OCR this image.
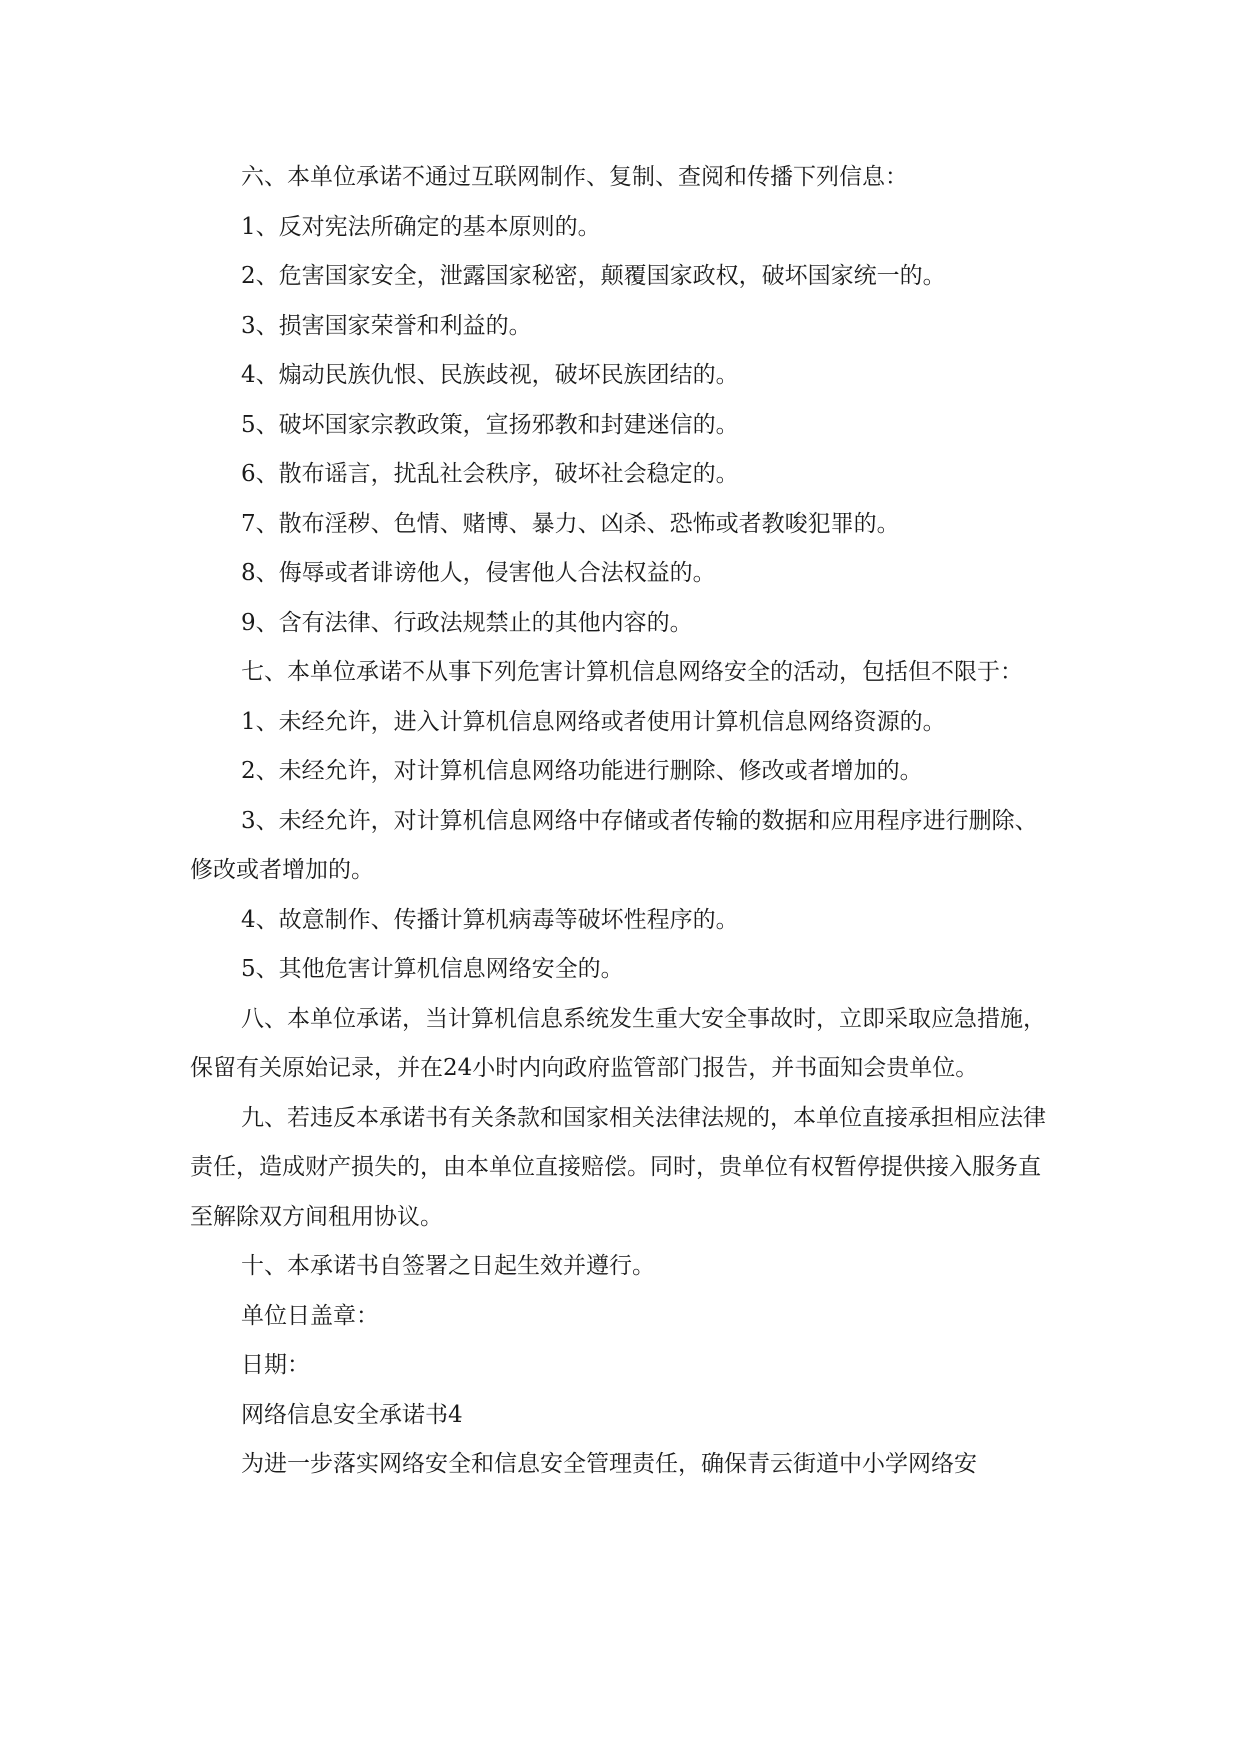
六、本单位承诺不通过互联网制作、复制、查阅和传播下列信息：

1、反对宪法所确定的基本原则的。

2、危害国家安全，泄露国家秘密，颠覆国家政权，破坏国家统一的。

3、损害国家荣誉和利益的。

4、煽动民族仇恨、民族歧视，破坏民族团结的。

5、破坏国家宗教政策，宣扬邪教和封建迷信的。

6、散布谣言，扰乱社会秩序，破坏社会稳定的。

7、散布淫秽、色情、赌博、暴力、凶杀、恐怖或者教唆犯罪的。

8、侮辱或者诽谤他人，侵害他人合法权益的。

9、含有法律、行政法规禁止的其他内容的。

七、本单位承诺不从事下列危害计算机信息网络安全的活动，包括但不限于：

1、未经允许，进入计算机信息网络或者使用计算机信息网络资源的。

2、未经允许，对计算机信息网络功能进行删除、修改或者增加的。

3、未经允许，对计算机信息网络中存储或者传输的数据和应用程序进行删除、修改或者增加的。

4、故意制作、传播计算机病毒等破坏性程序的。

5、其他危害计算机信息网络安全的。

八、本单位承诺，当计算机信息系统发生重大安全事故时，立即采取应急措施，保留有关原始记录，并在24小时内向政府监管部门报告，并书面知会贵单位。

九、若违反本承诺书有关条款和国家相关法律法规的，本单位直接承担相应法律责任，造成财产损失的，由本单位直接赔偿。同时，贵单位有权暂停提供接入服务直至解除双方间租用协议。

十、本承诺书自签署之日起生效并遵行。

单位日盖章：

日期：

网络信息安全承诺书4

为进一步落实网络安全和信息安全管理责任，确保青云街道中小学网络安
